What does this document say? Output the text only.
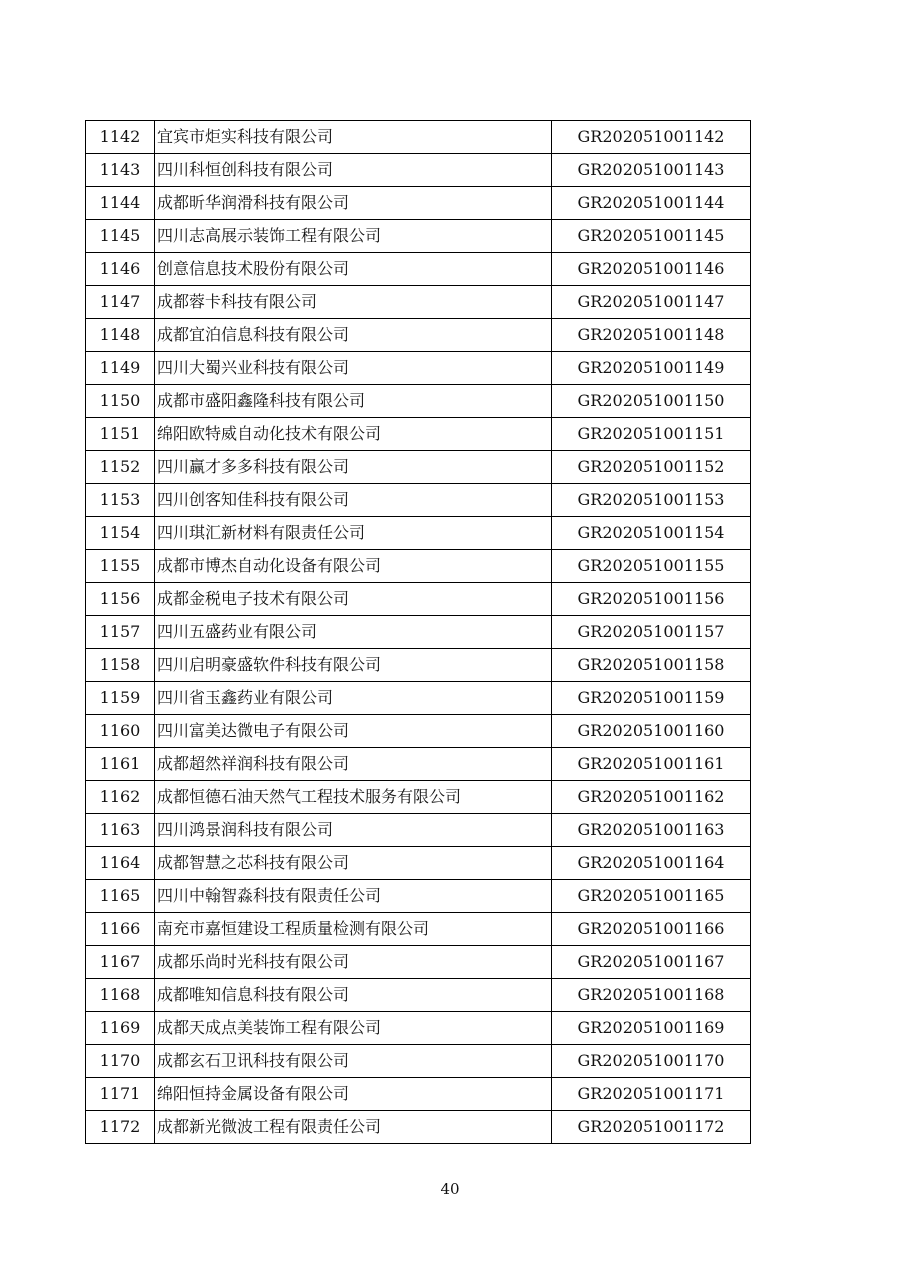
1142	宜宾市炬实科技有限公司	GR202051001142
1143	四川科恒创科技有限公司	GR202051001143
1144	成都昕华润滑科技有限公司	GR202051001144
1145	四川志高展示装饰工程有限公司	GR202051001145
1146	创意信息技术股份有限公司	GR202051001146
1147	成都蓉卡科技有限公司	GR202051001147
1148	成都宜泊信息科技有限公司	GR202051001148
1149	四川大蜀兴业科技有限公司	GR202051001149
1150	成都市盛阳鑫隆科技有限公司	GR202051001150
1151	绵阳欧特威自动化技术有限公司	GR202051001151
1152	四川赢才多多科技有限公司	GR202051001152
1153	四川创客知佳科技有限公司	GR202051001153
1154	四川琪汇新材料有限责任公司	GR202051001154
1155	成都市博杰自动化设备有限公司	GR202051001155
1156	成都金税电子技术有限公司	GR202051001156
1157	四川五盛药业有限公司	GR202051001157
1158	四川启明豪盛软件科技有限公司	GR202051001158
1159	四川省玉鑫药业有限公司	GR202051001159
1160	四川富美达微电子有限公司	GR202051001160
1161	成都超然祥润科技有限公司	GR202051001161
1162	成都恒德石油天然气工程技术服务有限公司	GR202051001162
1163	四川鸿景润科技有限公司	GR202051001163
1164	成都智慧之芯科技有限公司	GR202051001164
1165	四川中翰智淼科技有限责任公司	GR202051001165
1166	南充市嘉恒建设工程质量检测有限公司	GR202051001166
1167	成都乐尚时光科技有限公司	GR202051001167
1168	成都唯知信息科技有限公司	GR202051001168
1169	成都天成点美装饰工程有限公司	GR202051001169
1170	成都玄石卫讯科技有限公司	GR202051001170
1171	绵阳恒持金属设备有限公司	GR202051001171
1172	成都新光微波工程有限责任公司	GR202051001172
40
